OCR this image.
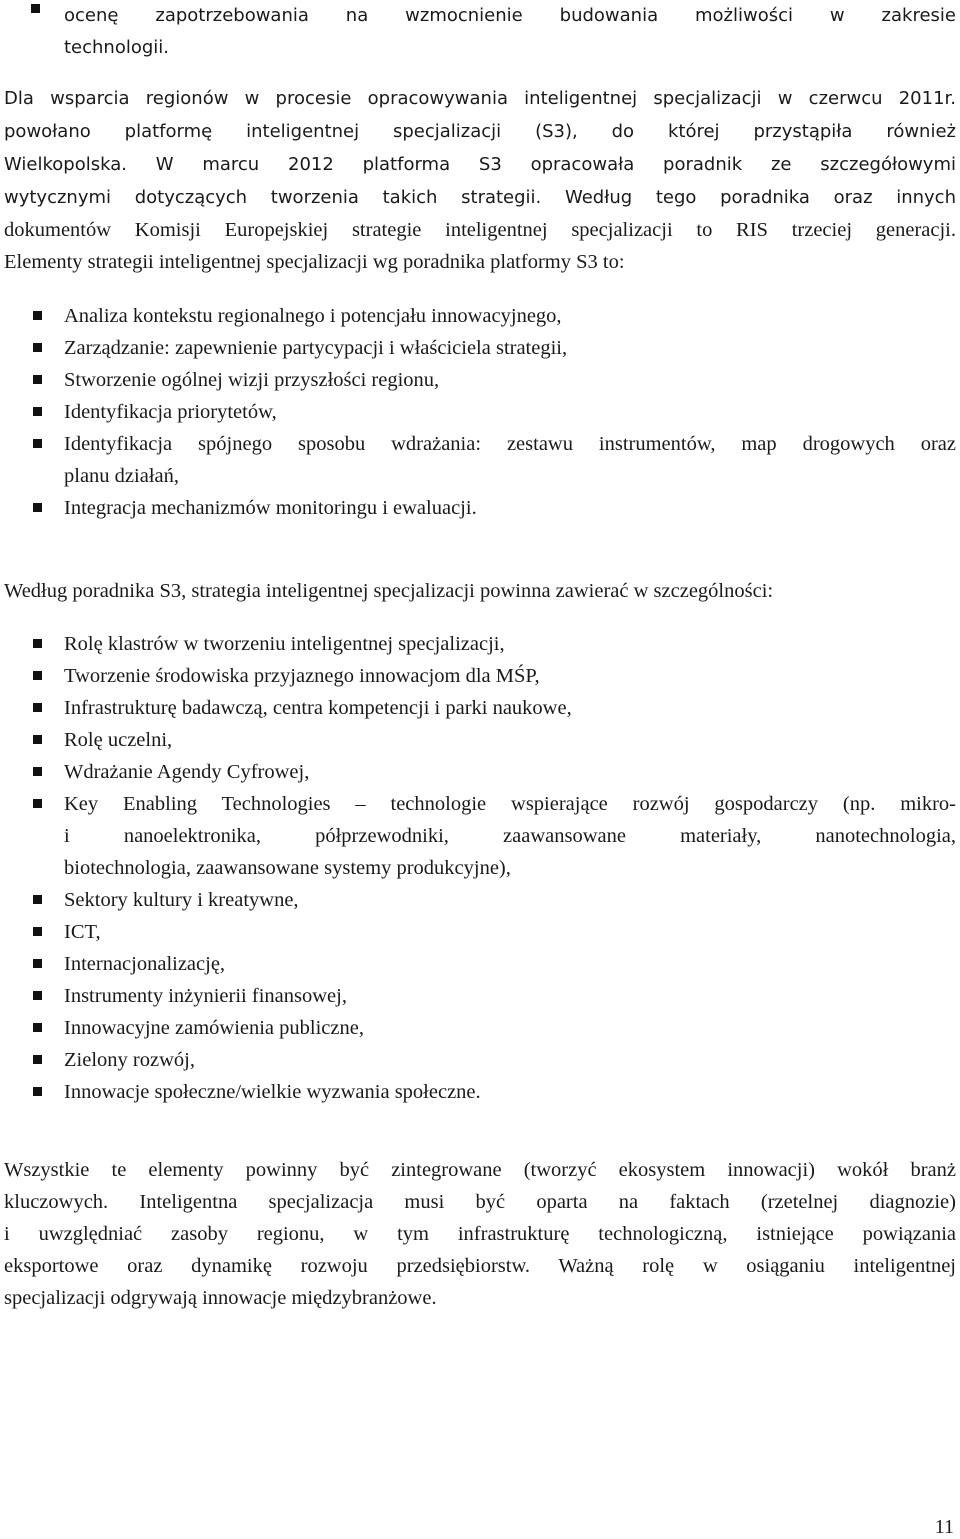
ocenę zapotrzebowania na wzmocnienie budowania możliwości w zakresie
technologii.
Dla wsparcia regionów w procesie opracowywania inteligentnej specjalizacji w czerwcu 2011r.
powołano platformę inteligentnej specjalizacji (S3), do której przystąpiła również
Wielkopolska. W marcu 2012 platforma S3 opracowała poradnik ze szczegółowymi
wytycznymi dotyczących tworzenia takich strategii. Według tego poradnika oraz innych
dokumentów Komisji Europejskiej strategie inteligentnej specjalizacji to RIS trzeciej generacji.
Elementy strategii inteligentnej specjalizacji wg poradnika platformy S3 to:
Analiza kontekstu regionalnego i potencjału innowacyjnego,
Zarządzanie: zapewnienie partycypacji i właściciela strategii,
Stworzenie ogólnej wizji przyszłości regionu,
Identyfikacja priorytetów,
Identyfikacja spójnego sposobu wdrażania: zestawu instrumentów, map drogowych oraz
planu działań,
Integracja mechanizmów monitoringu i ewaluacji.
Według poradnika S3, strategia inteligentnej specjalizacji powinna zawierać w szczególności:
Rolę klastrów w tworzeniu inteligentnej specjalizacji,
Tworzenie środowiska przyjaznego innowacjom dla MŚP,
Infrastrukturę badawczą, centra kompetencji i parki naukowe,
Rolę uczelni,
Wdrażanie Agendy Cyfrowej,
Key Enabling Technologies – technologie wspierające rozwój gospodarczy (np. mikro-
i nanoelektronika, półprzewodniki, zaawansowane materiały, nanotechnologia,
biotechnologia, zaawansowane systemy produkcyjne),
Sektory kultury i kreatywne,
ICT,
Internacjonalizację,
Instrumenty inżynierii finansowej,
Innowacyjne zamówienia publiczne,
Zielony rozwój,
Innowacje społeczne/wielkie wyzwania społeczne.
Wszystkie te elementy powinny być zintegrowane (tworzyć ekosystem innowacji) wokół branż
kluczowych. Inteligentna specjalizacja musi być oparta na faktach (rzetelnej diagnozie)
i uwzględniać zasoby regionu, w tym infrastrukturę technologiczną, istniejące powiązania
eksportowe oraz dynamikę rozwoju przedsiębiorstw. Ważną rolę w osiąganiu inteligentnej
specjalizacji odgrywają innowacje międzybranżowe.
11
